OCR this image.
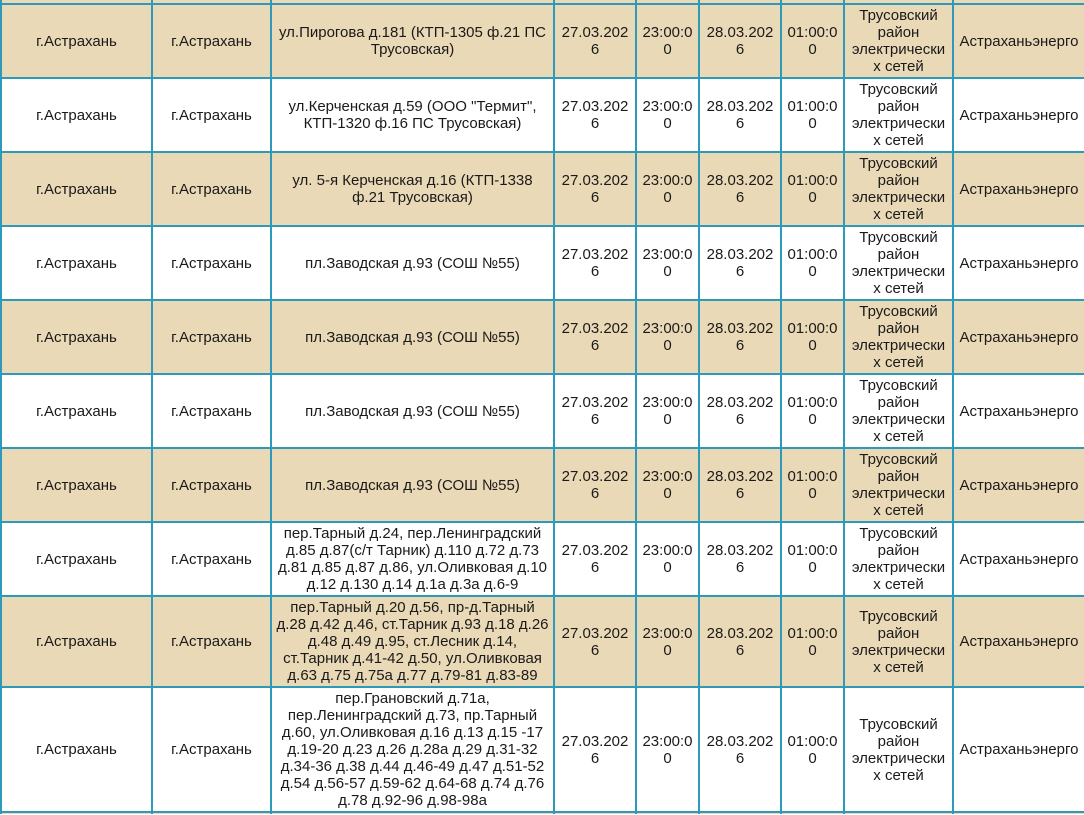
г.Астрахань	г.Астрахань	ул.Пирогова д.181 (КТП-1305 ф.21 ПС Трусовская)	27.03.2026	23:00:00	28.03.2026	01:00:00	Трусовский район электрических сетей	Астраханьэнерго
г.Астрахань	г.Астрахань	ул.Керченская д.59 (ООО "Термит", КТП-1320 ф.16 ПС Трусовская)	27.03.2026	23:00:00	28.03.2026	01:00:00	Трусовский район электрических сетей	Астраханьэнерго
г.Астрахань	г.Астрахань	ул. 5-я Керченская д.16 (КТП-1338 ф.21 Трусовская)	27.03.2026	23:00:00	28.03.2026	01:00:00	Трусовский район электрических сетей	Астраханьэнерго
г.Астрахань	г.Астрахань	пл.Заводская д.93 (СОШ №55)	27.03.2026	23:00:00	28.03.2026	01:00:00	Трусовский район электрических сетей	Астраханьэнерго
г.Астрахань	г.Астрахань	пл.Заводская д.93 (СОШ №55)	27.03.2026	23:00:00	28.03.2026	01:00:00	Трусовский район электрических сетей	Астраханьэнерго
г.Астрахань	г.Астрахань	пл.Заводская д.93 (СОШ №55)	27.03.2026	23:00:00	28.03.2026	01:00:00	Трусовский район электрических сетей	Астраханьэнерго
г.Астрахань	г.Астрахань	пл.Заводская д.93 (СОШ №55)	27.03.2026	23:00:00	28.03.2026	01:00:00	Трусовский район электрических сетей	Астраханьэнерго
г.Астрахань	г.Астрахань	пер.Тарный д.24, пер.Ленинградский д.85 д.87(с/т Тарник) д.110 д.72 д.73 д.81 д.85 д.87 д.86, ул.Оливковая д.10 д.12 д.130 д.14 д.1а д.3а д.6-9	27.03.2026	23:00:00	28.03.2026	01:00:00	Трусовский район электрических сетей	Астраханьэнерго
г.Астрахань	г.Астрахань	пер.Тарный д.20 д.56, пр-д.Тарный д.28 д.42 д.46, ст.Тарник д.93 д.18 д.26 д.48 д.49 д.95, ст.Лесник д.14, ст.Тарник д.41-42 д.50, ул.Оливковая д.63 д.75 д.75а д.77 д.79-81 д.83-89	27.03.2026	23:00:00	28.03.2026	01:00:00	Трусовский район электрических сетей	Астраханьэнерго
г.Астрахань	г.Астрахань	пер.Грановский д.71а, пер.Ленинградский д.73, пр.Тарный д.60, ул.Оливковая д.16 д.13 д.15 -17 д.19-20 д.23 д.26 д.28а д.29 д.31-32 д.34-36 д.38 д.44 д.46-49 д.47 д.51-52 д.54 д.56-57 д.59-62 д.64-68 д.74 д.76 д.78 д.92-96 д.98-98а	27.03.2026	23:00:00	28.03.2026	01:00:00	Трусовский район электрических сетей	Астраханьэнерго
